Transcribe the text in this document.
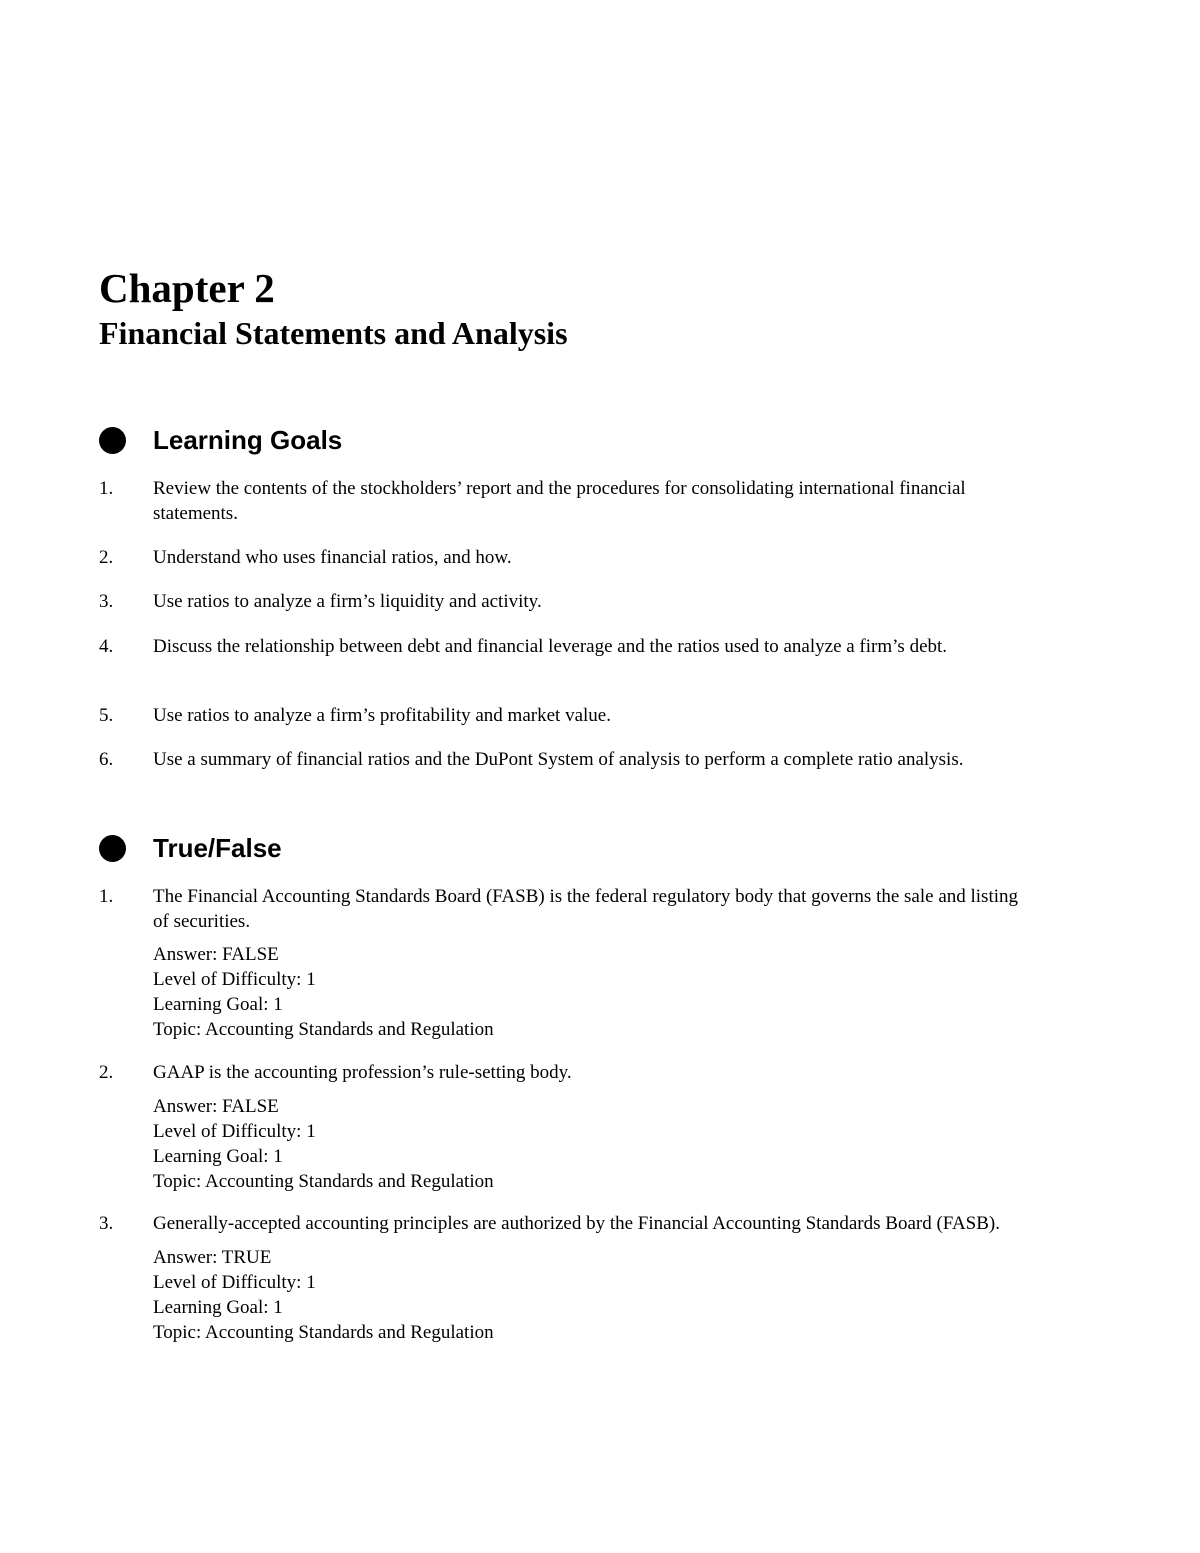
Chapter 2
Financial Statements and Analysis
Learning Goals
1.	Review the contents of the stockholders’ report and the procedures for consolidating international financial statements.
2.	Understand who uses financial ratios, and how.
3.	Use ratios to analyze a firm’s liquidity and activity.
4.	Discuss the relationship between debt and financial leverage and the ratios used to analyze a firm’s debt.
5.	Use ratios to analyze a firm’s profitability and market value.
6.	Use a summary of financial ratios and the DuPont System of analysis to perform a complete ratio analysis.
True/False
1.	The Financial Accounting Standards Board (FASB) is the federal regulatory body that governs the sale and listing of securities.
Answer: FALSE
Level of Difficulty: 1
Learning Goal: 1
Topic: Accounting Standards and Regulation
2.	GAAP is the accounting profession’s rule-setting body.
Answer: FALSE
Level of Difficulty: 1
Learning Goal: 1
Topic: Accounting Standards and Regulation
3.	Generally-accepted accounting principles are authorized by the Financial Accounting Standards Board (FASB).
Answer: TRUE
Level of Difficulty: 1
Learning Goal: 1
Topic: Accounting Standards and Regulation
